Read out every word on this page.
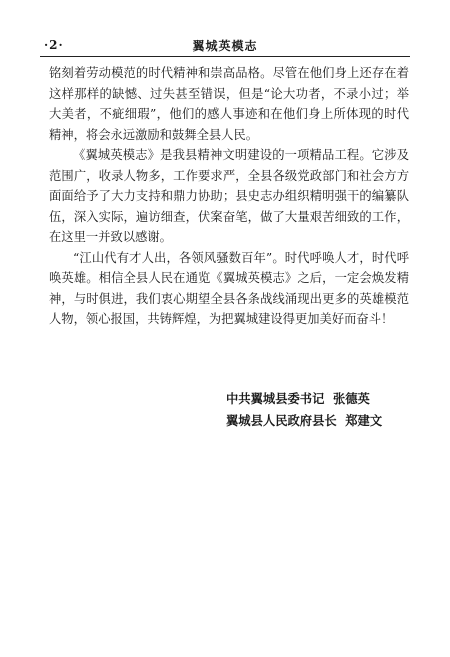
·2·	翼城英模志
铭刻着劳动模范的时代精神和崇高品格。尽管在他们身上还存在着
这样那样的缺憾、过失甚至错误，但是“论大功者，不录小过；举
大美者，不疵细瑕”，他们的感人事迹和在他们身上所体现的时代
精神，将会永远激励和鼓舞全县人民。
《翼城英模志》是我县精神文明建设的一项精品工程。它涉及
范围广，收录人物多，工作要求严，全县各级党政部门和社会方方
面面给予了大力支持和鼎力协助；县史志办组织精明强干的编纂队
伍，深入实际，遍访细查，伏案奋笔，做了大量艰苦细致的工作，
在这里一并致以感谢。
“江山代有才人出，各领风骚数百年”。时代呼唤人才，时代呼
唤英雄。相信全县人民在通览《翼城英模志》之后，一定会焕发精
神，与时俱进，我们衷心期望全县各条战线涌现出更多的英雄模范
人物，领心报国，共铸辉煌，为把翼城建设得更加美好而奋斗！
中共翼城县委书记  张德英
翼城县人民政府县长  郑建文
